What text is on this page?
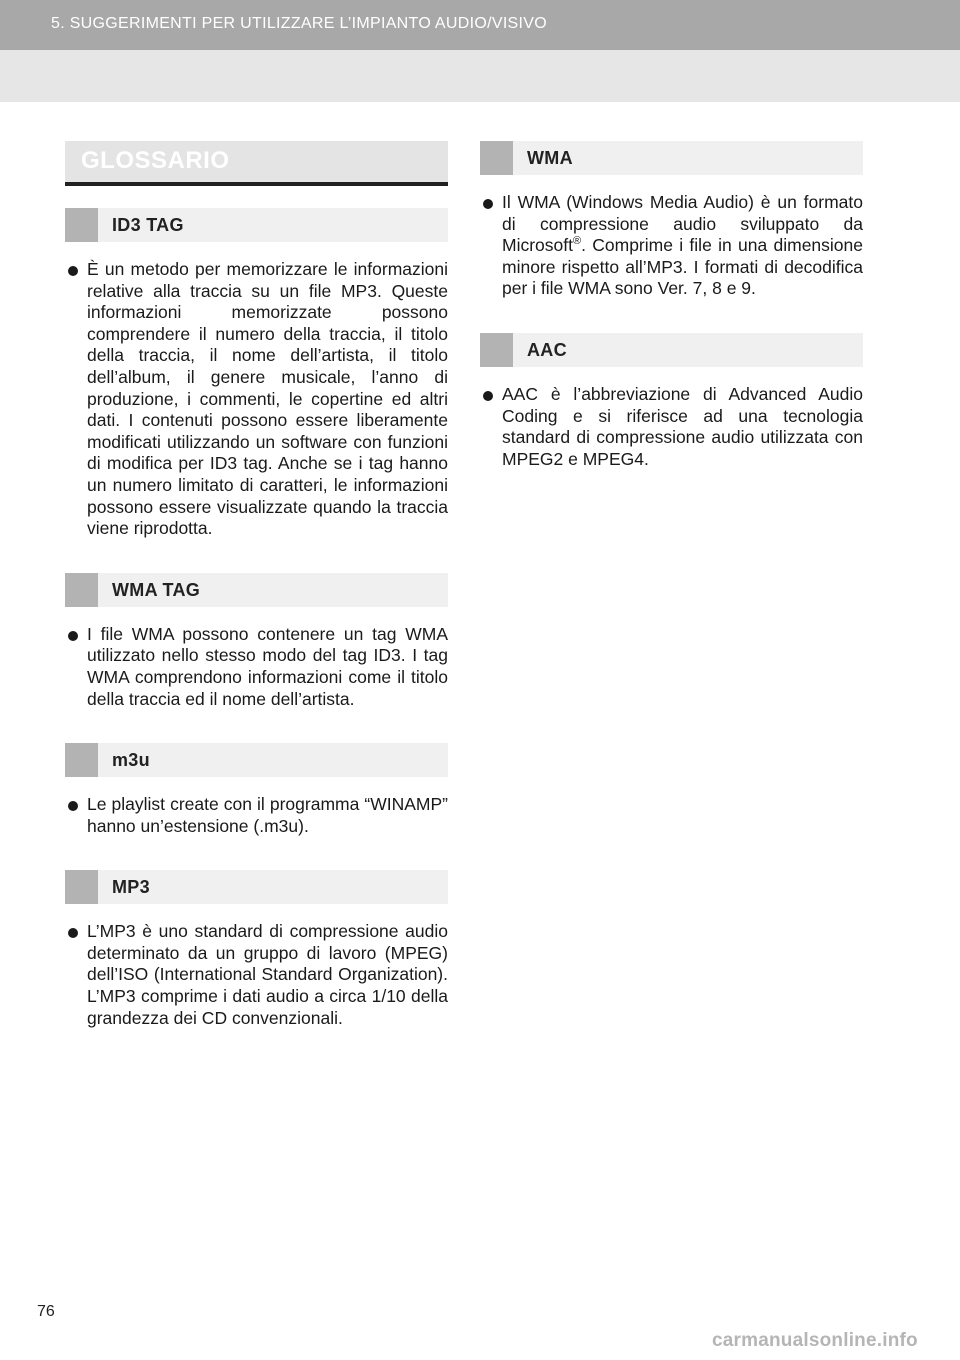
5. SUGGERIMENTI PER UTILIZZARE L’IMPIANTO AUDIO/VISIVO
GLOSSARIO
ID3 TAG
È un metodo per memorizzare le informazioni relative alla traccia su un file MP3. Queste informazioni memorizzate possono comprendere il numero della traccia, il titolo della traccia, il nome dell’artista, il titolo dell’album, il genere musicale, l’anno di produzione, i commenti, le copertine ed altri dati. I contenuti possono essere liberamente modificati utilizzando un software con funzioni di modifica per ID3 tag. Anche se i tag hanno un numero limitato di caratteri, le informazioni possono essere visualizzate quando la traccia viene riprodotta.
WMA TAG
I file WMA possono contenere un tag WMA utilizzato nello stesso modo del tag ID3. I tag WMA comprendono informazioni come il titolo della traccia ed il nome dell’artista.
m3u
Le playlist create con il programma “WINAMP” hanno un’estensione (.m3u).
MP3
L’MP3 è uno standard di compressione audio determinato da un gruppo di lavoro (MPEG) dell’ISO (International Standard Organization). L’MP3 comprime i dati audio a circa 1/10 della grandezza dei CD convenzionali.
WMA
Il WMA (Windows Media Audio) è un formato di compressione audio sviluppato da Microsoft®. Comprime i file in una dimensione minore rispetto all’MP3. I formati di decodifica per i file WMA sono Ver. 7, 8 e 9.
AAC
AAC è l’abbreviazione di Advanced Audio Coding e si riferisce ad una tecnologia standard di compressione audio utilizzata con MPEG2 e MPEG4.
76
carmanualsonline.info
